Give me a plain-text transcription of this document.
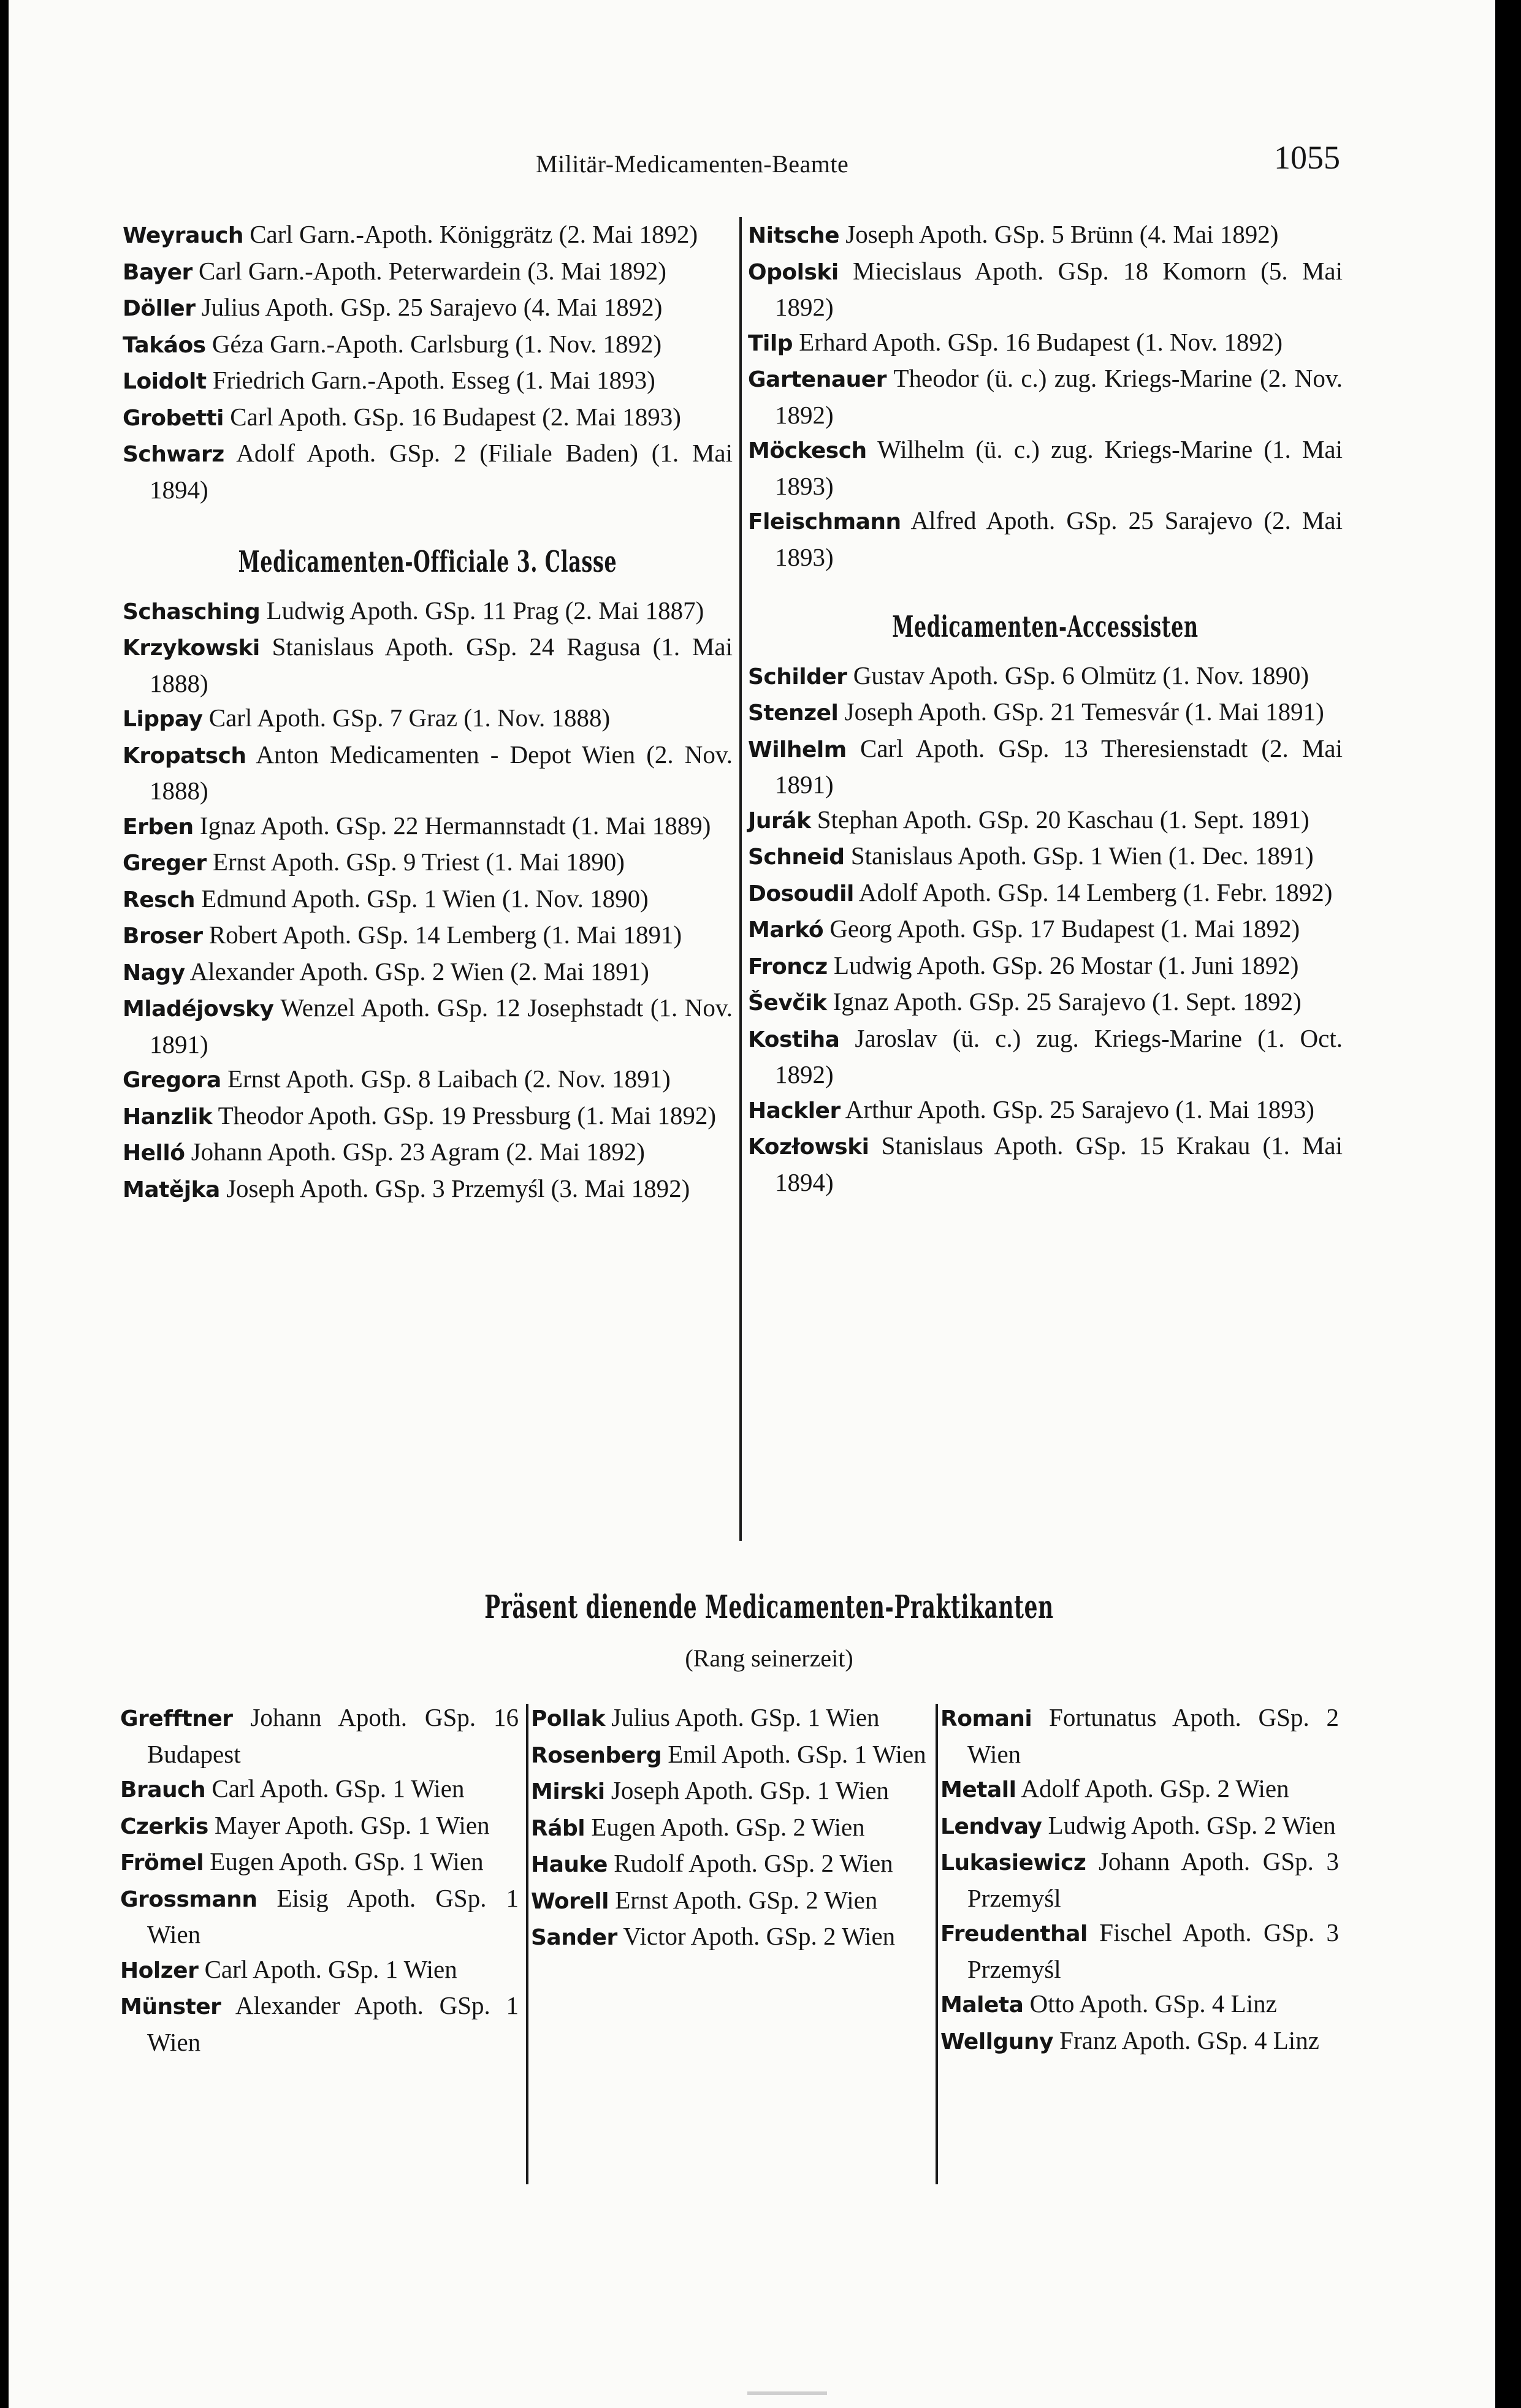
Militär-Medicamenten-Beamte	1055
Weyrauch Carl Garn.-Apoth. Königgrätz (2. Mai 1892)
Bayer Carl Garn.-Apoth. Peterwardein (3. Mai 1892)
Döller Julius Apoth. GSp. 25 Sarajevo (4. Mai 1892)
Takáos Géza Garn.-Apoth. Carlsburg (1. Nov. 1892)
Loidolt Friedrich Garn.-Apoth. Esseg (1. Mai 1893)
Grobetti Carl Apoth. GSp. 16 Budapest (2. Mai 1893)
Schwarz Adolf Apoth. GSp. 2 (Filiale Baden) (1. Mai 1894)
Medicamenten-Officiale 3. Classe
Schasching Ludwig Apoth. GSp. 11 Prag (2. Mai 1887)
Krzykowski Stanislaus Apoth. GSp. 24 Ragusa (1. Mai 1888)
Lippay Carl Apoth. GSp. 7 Graz (1. Nov. 1888)
Kropatsch Anton Medicamenten - Depot Wien (2. Nov. 1888)
Erben Ignaz Apoth. GSp. 22 Hermannstadt (1. Mai 1889)
Greger Ernst Apoth. GSp. 9 Triest (1. Mai 1890)
Resch Edmund Apoth. GSp. 1 Wien (1. Nov. 1890)
Broser Robert Apoth. GSp. 14 Lemberg (1. Mai 1891)
Nagy Alexander Apoth. GSp. 2 Wien (2. Mai 1891)
Mladéjovsky Wenzel Apoth. GSp. 12 Josephstadt (1. Nov. 1891)
Gregora Ernst Apoth. GSp. 8 Laibach (2. Nov. 1891)
Hanzlik Theodor Apoth. GSp. 19 Pressburg (1. Mai 1892)
Helló Johann Apoth. GSp. 23 Agram (2. Mai 1892)
Matějka Joseph Apoth. GSp. 3 Przemyśl (3. Mai 1892)
Nitsche Joseph Apoth. GSp. 5 Brünn (4. Mai 1892)
Opolski Miecislaus Apoth. GSp. 18 Komorn (5. Mai 1892)
Tilp Erhard Apoth. GSp. 16 Budapest (1. Nov. 1892)
Gartenauer Theodor (ü. c.) zug. Kriegs-Marine (2. Nov. 1892)
Möckesch Wilhelm (ü. c.) zug. Kriegs-Marine (1. Mai 1893)
Fleischmann Alfred Apoth. GSp. 25 Sarajevo (2. Mai 1893)
Medicamenten-Accessisten
Schilder Gustav Apoth. GSp. 6 Olmütz (1. Nov. 1890)
Stenzel Joseph Apoth. GSp. 21 Temesvár (1. Mai 1891)
Wilhelm Carl Apoth. GSp. 13 Theresienstadt (2. Mai 1891)
Jurák Stephan Apoth. GSp. 20 Kaschau (1. Sept. 1891)
Schneid Stanislaus Apoth. GSp. 1 Wien (1. Dec. 1891)
Dosoudil Adolf Apoth. GSp. 14 Lemberg (1. Febr. 1892)
Markó Georg Apoth. GSp. 17 Budapest (1. Mai 1892)
Froncz Ludwig Apoth. GSp. 26 Mostar (1. Juni 1892)
Ševčik Ignaz Apoth. GSp. 25 Sarajevo (1. Sept. 1892)
Kostiha Jaroslav (ü. c.) zug. Kriegs-Marine (1. Oct. 1892)
Hackler Arthur Apoth. GSp. 25 Sarajevo (1. Mai 1893)
Kozłowski Stanislaus Apoth. GSp. 15 Krakau (1. Mai 1894)
Präsent dienende Medicamenten-Praktikanten
(Rang seinerzeit)
Grefftner Johann Apoth. GSp. 16 Budapest
Brauch Carl Apoth. GSp. 1 Wien
Czerkis Mayer Apoth. GSp. 1 Wien
Frömel Eugen Apoth. GSp. 1 Wien
Grossmann Eisig Apoth. GSp. 1 Wien
Holzer Carl Apoth. GSp. 1 Wien
Münster Alexander Apoth. GSp. 1 Wien
Pollak Julius Apoth. GSp. 1 Wien
Rosenberg Emil Apoth. GSp. 1 Wien
Mirski Joseph Apoth. GSp. 1 Wien
Rábl Eugen Apoth. GSp. 2 Wien
Hauke Rudolf Apoth. GSp. 2 Wien
Worell Ernst Apoth. GSp. 2 Wien
Sander Victor Apoth. GSp. 2 Wien
Romani Fortunatus Apoth. GSp. 2 Wien
Metall Adolf Apoth. GSp. 2 Wien
Lendvay Ludwig Apoth. GSp. 2 Wien
Lukasiewicz Johann Apoth. GSp. 3 Przemyśl
Freudenthal Fischel Apoth. GSp. 3 Przemyśl
Maleta Otto Apoth. GSp. 4 Linz
Wellguny Franz Apoth. GSp. 4 Linz
